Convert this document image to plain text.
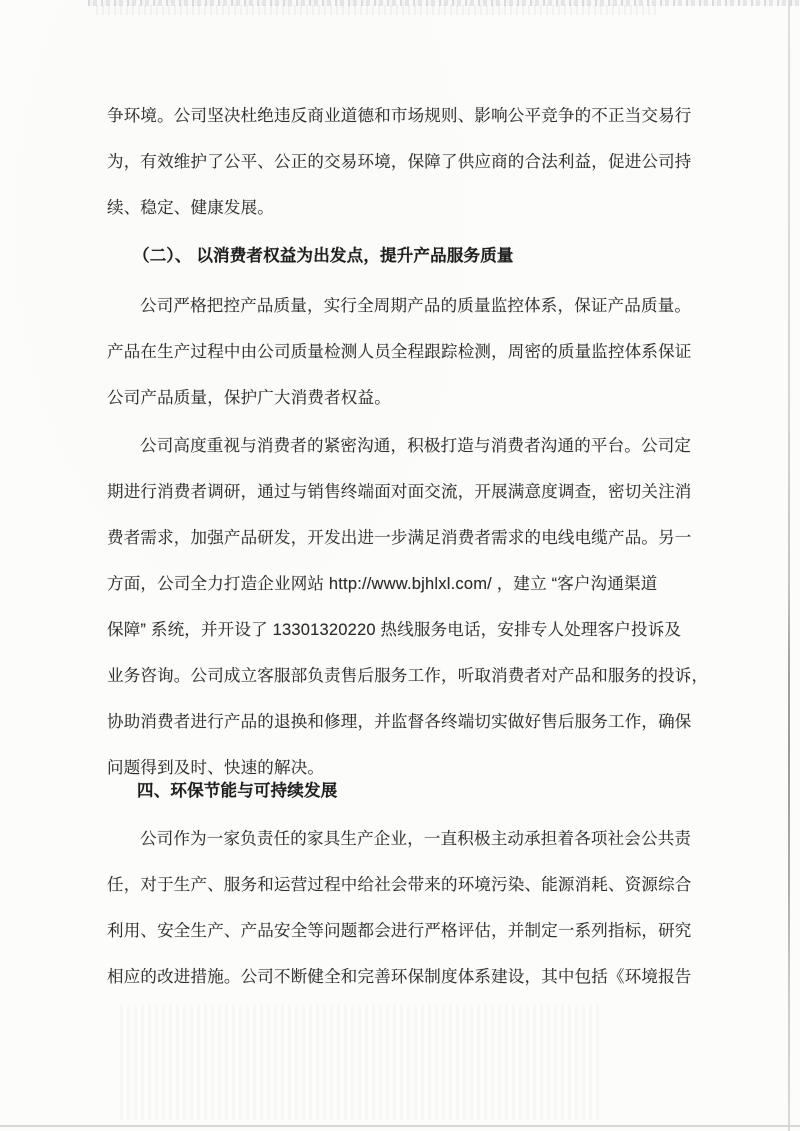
争环境。公司坚决杜绝违反商业道德和市场规则、影响公平竞争的不正当交易行
为，有效维护了公平、公正的交易环境，保障了供应商的合法利益，促进公司持
续、稳定、健康发展。
（二）、 以消费者权益为出发点，提升产品服务质量
公司严格把控产品质量，实行全周期产品的质量监控体系，保证产品质量。
产品在生产过程中由公司质量检测人员全程跟踪检测，周密的质量监控体系保证
公司产品质量，保护广大消费者权益。
公司高度重视与消费者的紧密沟通，积极打造与消费者沟通的平台。公司定
期进行消费者调研，通过与销售终端面对面交流，开展满意度调查，密切关注消
费者需求，加强产品研发，开发出进一步满足消费者需求的电线电缆产品。另一
方面，公司全力打造企业网站 http://www.bjhlxl.com/ ，建立 “客户沟通渠道
保障” 系统，并开设了 13301320220 热线服务电话，安排专人处理客户投诉及
业务咨询。公司成立客服部负责售后服务工作，听取消费者对产品和服务的投诉，
协助消费者进行产品的退换和修理，并监督各终端切实做好售后服务工作，确保
问题得到及时、快速的解决。
四、环保节能与可持续发展
公司作为一家负责任的家具生产企业，一直积极主动承担着各项社会公共责
任，对于生产、服务和运营过程中给社会带来的环境污染、能源消耗、资源综合
利用、安全生产、产品安全等问题都会进行严格评估，并制定一系列指标，研究
相应的改进措施。公司不断健全和完善环保制度体系建设，其中包括《环境报告
